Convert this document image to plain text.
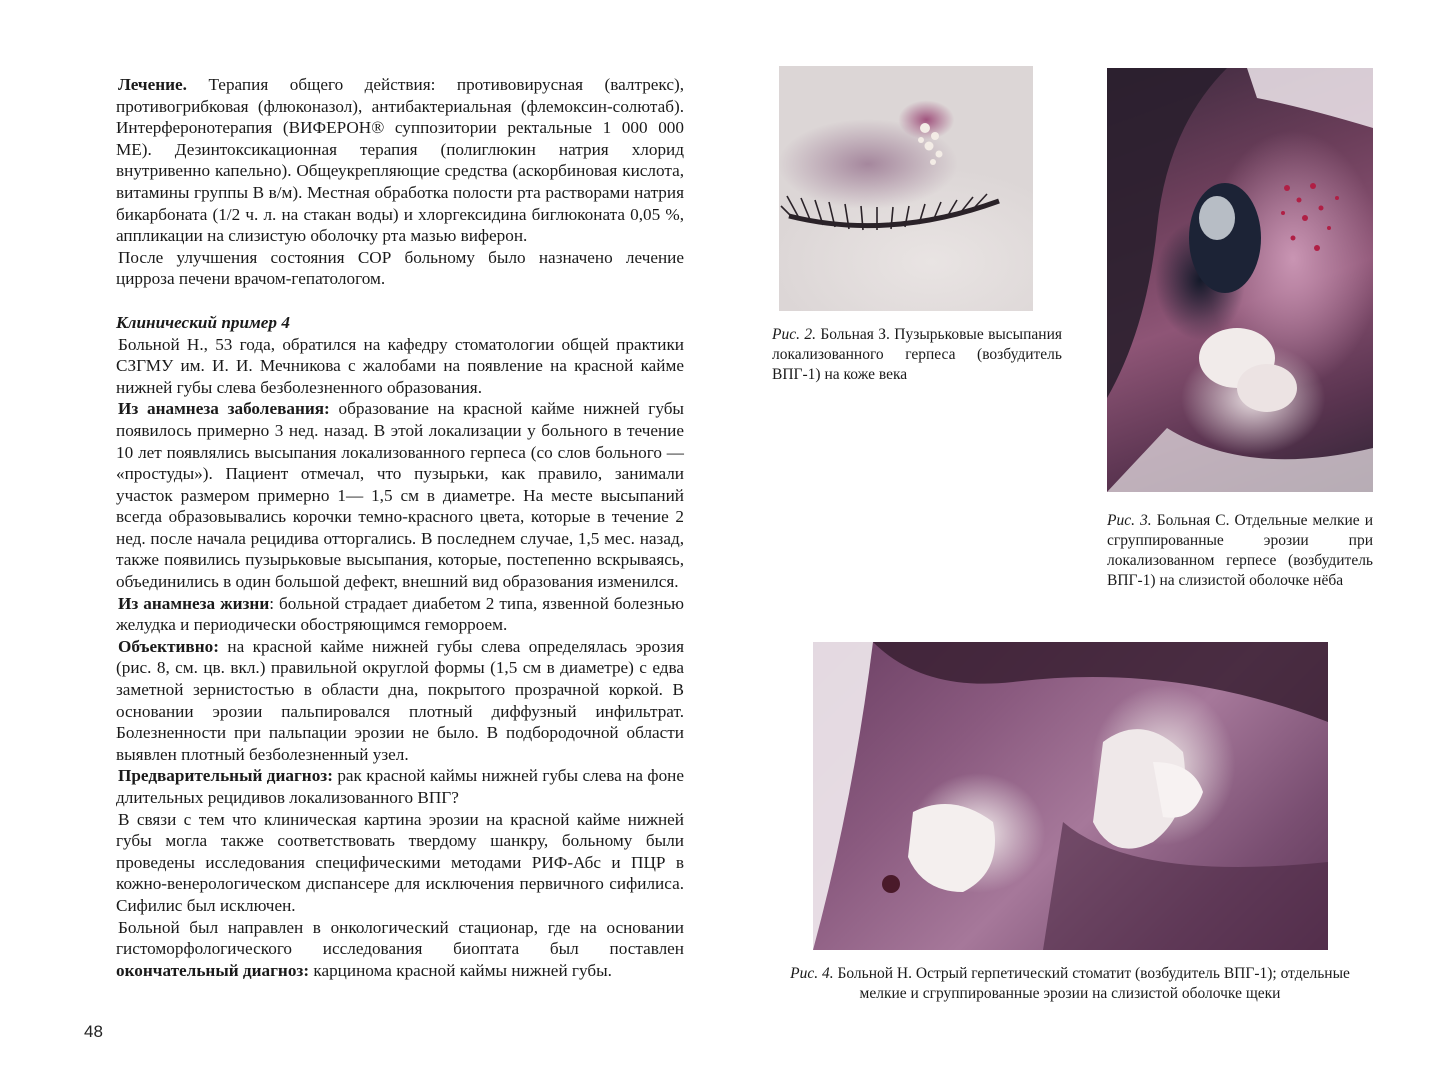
Лечение. Терапия общего действия: противовирусная (валтрекс), противогрибковая (флюконазол), антибактериальная (флемоксин-солютаб). Интерферонотерапия (ВИФЕРОН® суппозитории ректальные 1 000 000 МЕ). Дезинтоксикационная терапия (полиглюкин натрия хлорид внутривенно капельно). Общеукрепляющие средства (аскорбиновая кислота, витамины группы В в/м). Местная обработка полости рта растворами натрия бикарбоната (1/2 ч. л. на стакан воды) и хлоргексидина биглюконата 0,05 %, аппликации на слизистую оболочку рта мазью виферон.

После улучшения состояния СОР больному было назначено лечение цирроза печени врачом-гепатологом.

Клинический пример 4

Больной Н., 53 года, обратился на кафедру стоматологии общей практики СЗГМУ им. И. И. Мечникова с жалобами на появление на красной кайме нижней губы слева безболезненного образования.

Из анамнеза заболевания: образование на красной кайме нижней губы появилось примерно 3 нед. назад. В этой локализации у больного в течение 10 лет появлялись высыпания локализованного герпеса (со слов больного — «простуды»). Пациент отмечал, что пузырьки, как правило, занимали участок размером примерно 1— 1,5 см в диаметре. На месте высыпаний всегда образовывались корочки темно-красного цвета, которые в течение 2 нед. после начала рецидива отторгались. В последнем случае, 1,5 мес. назад, также появились пузырьковые высыпания, которые, постепенно вскрываясь, объединились в один большой дефект, внешний вид образования изменился.

Из анамнеза жизни: больной страдает диабетом 2 типа, язвенной болезнью желудка и периодически обостряющимся геморроем.

Объективно: на красной кайме нижней губы слева определялась эрозия (рис. 8, см. цв. вкл.) правильной округлой формы (1,5 см в диаметре) с едва заметной зернистостью в области дна, покрытого прозрачной коркой. В основании эрозии пальпировался плотный диффузный инфильтрат. Болезненности при пальпации эрозии не было. В подбородочной области выявлен плотный безболезненный узел.

Предварительный диагноз: рак красной каймы нижней губы слева на фоне длительных рецидивов локализованного ВПГ?

В связи с тем что клиническая картина эрозии на красной кайме нижней губы могла также соответствовать твердому шанкру, больному были проведены исследования специфическими методами РИФ-Абс и ПЦР в кожно-венерологическом диспансере для исключения первичного сифилиса. Сифилис был исключен.

Больной был направлен в онкологический стационар, где на основании гистоморфологического исследования биоптата был поставлен окончательный диагноз: карцинома красной каймы нижней губы.

48
Рис. 2. Больная З. Пузырьковые высыпания локализованного герпеса (возбудитель ВПГ-1) на коже века
Рис. 3. Больная С. Отдельные мелкие и сгруппированные эрозии при локализованном герпесе (возбудитель ВПГ-1) на слизистой оболочке нёба
Рис. 4. Больной Н. Острый герпетический стоматит (возбудитель ВПГ-1); отдельные мелкие и сгруппированные эрозии на слизистой оболочке щеки
